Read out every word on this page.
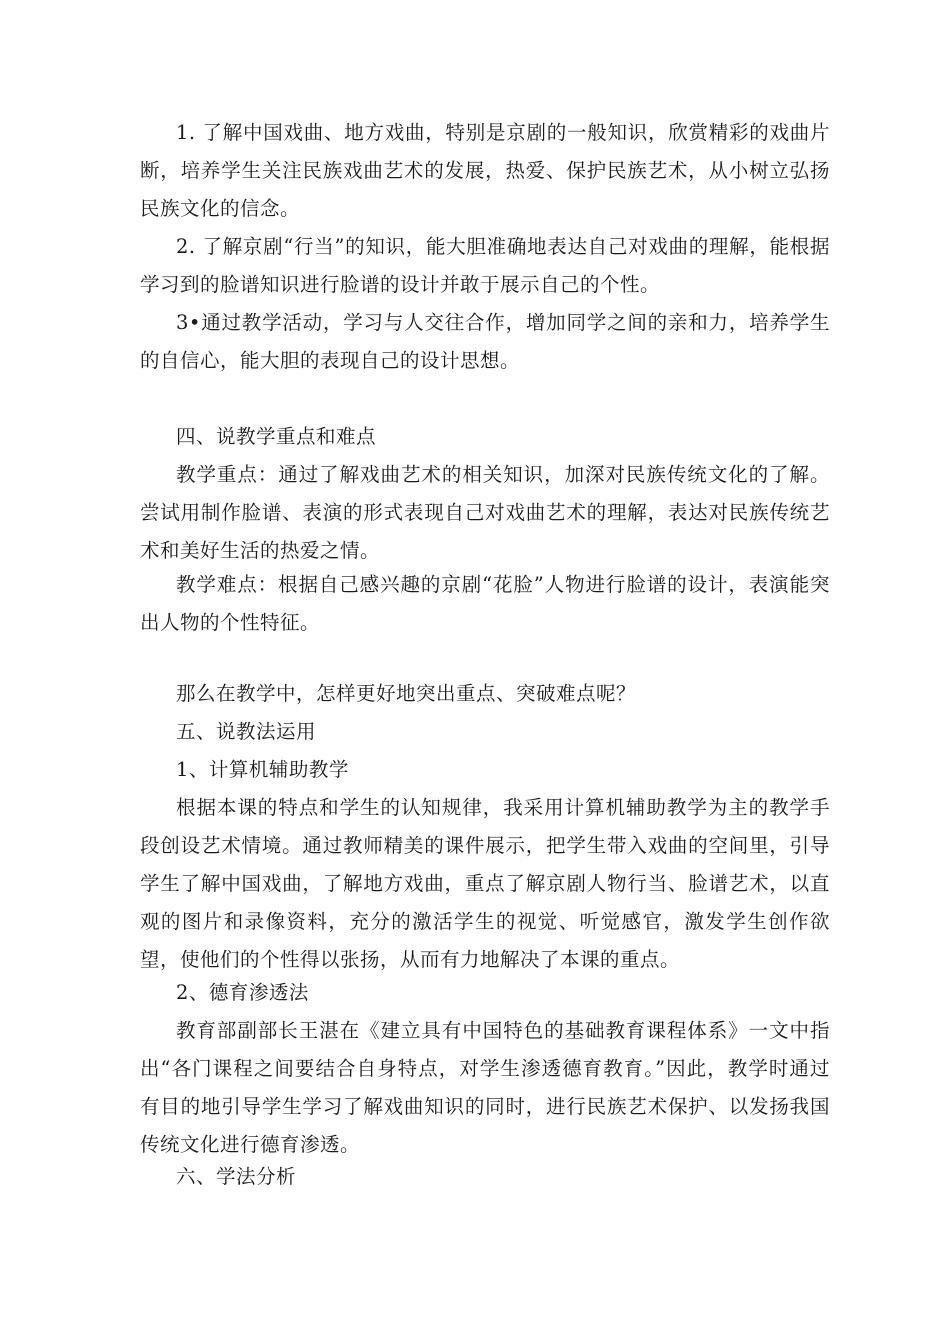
1. 了解中国戏曲、地方戏曲，特别是京剧的一般知识，欣赏精彩的戏曲片断，培养学生关注民族戏曲艺术的发展，热爱、保护民族艺术，从小树立弘扬民族文化的信念。

2. 了解京剧“行当”的知识，能大胆准确地表达自己对戏曲的理解，能根据学习到的脸谱知识进行脸谱的设计并敢于展示自己的个性。

3•通过教学活动，学习与人交往合作，增加同学之间的亲和力，培养学生的自信心，能大胆的表现自己的设计思想。

四、说教学重点和难点

教学重点：通过了解戏曲艺术的相关知识，加深对民族传统文化的了解。尝试用制作脸谱、表演的形式表现自己对戏曲艺术的理解，表达对民族传统艺术和美好生活的热爱之情。

教学难点：根据自己感兴趣的京剧“花脸”人物进行脸谱的设计，表演能突出人物的个性特征。

那么在教学中，怎样更好地突出重点、突破难点呢？

五、说教法运用

1、计算机辅助教学

根据本课的特点和学生的认知规律，我采用计算机辅助教学为主的教学手段创设艺术情境。通过教师精美的课件展示，把学生带入戏曲的空间里，引导学生了解中国戏曲，了解地方戏曲，重点了解京剧人物行当、脸谱艺术，以直观的图片和录像资料，充分的激活学生的视觉、听觉感官，激发学生创作欲望，使他们的个性得以张扬，从而有力地解决了本课的重点。

2、德育渗透法

教育部副部长王湛在《建立具有中国特色的基础教育课程体系》一文中指出“各门课程之间要结合自身特点，对学生渗透德育教育。”因此，教学时通过有目的地引导学生学习了解戏曲知识的同时，进行民族艺术保护、以发扬我国传统文化进行德育渗透。

六、学法分析
